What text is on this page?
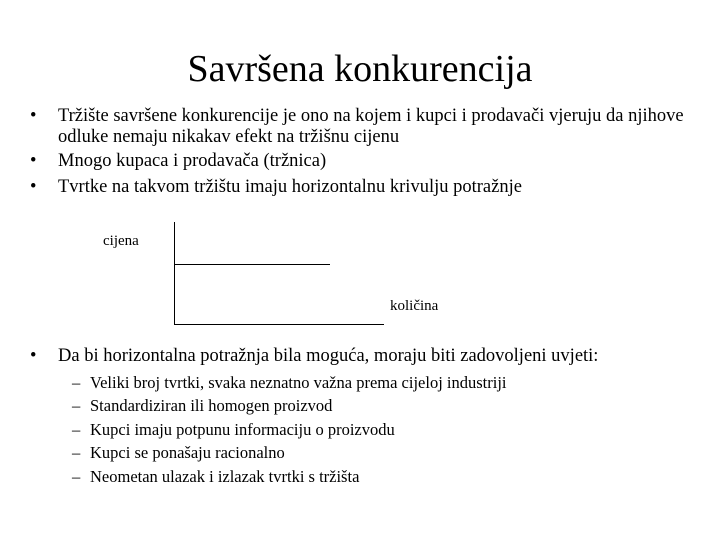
Savršena konkurencija
• Tržište savršene konkurencije je ono na kojem i kupci i prodavači vjeruju da njihove odluke nemaju nikakav efekt na tržišnu cijenu
• Mnogo kupaca i prodavača (tržnica)
• Tvrtke na takvom tržištu imaju horizontalnu krivulju potražnje
cijena
količina
• Da bi horizontalna potražnja bila moguća, moraju biti zadovoljeni uvjeti:
– Veliki broj tvrtki, svaka neznatno važna prema cijeloj industriji
– Standardiziran ili homogen proizvod
– Kupci imaju potpunu informaciju o proizvodu
– Kupci se ponašaju racionalno
– Neometan ulazak i izlazak tvrtki s tržišta
